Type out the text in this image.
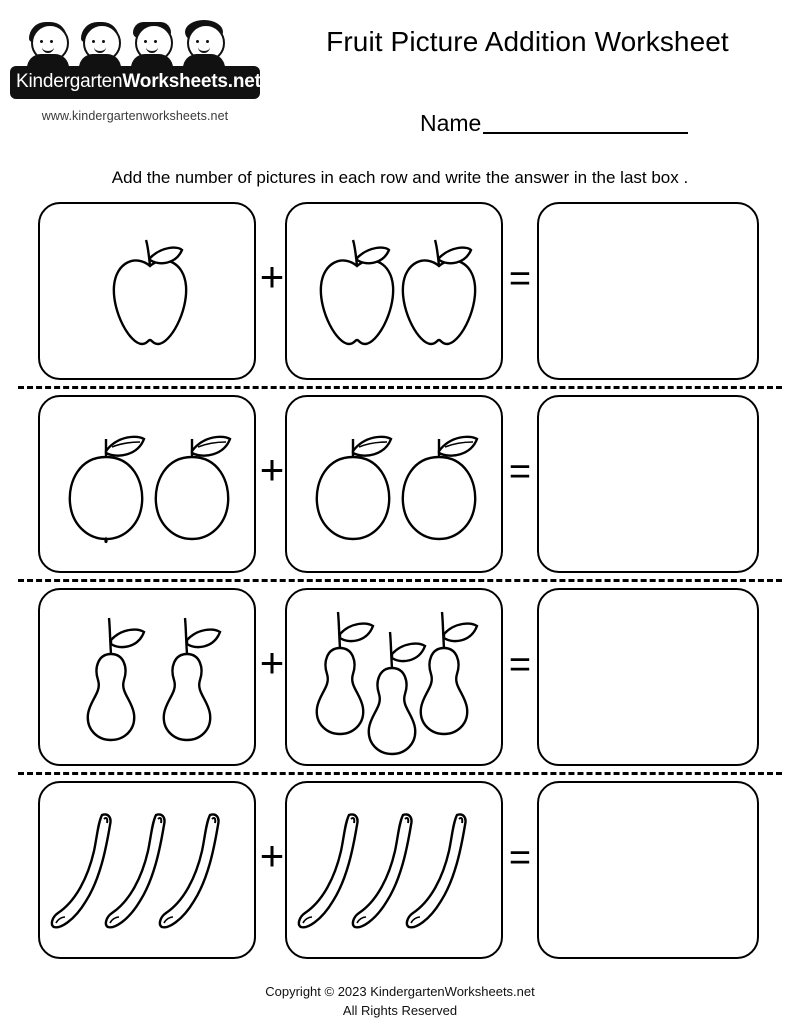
KindergartenWorksheets.net
www.kindergartenworksheets.net
Fruit Picture Addition Worksheet
Name
Add the number of pictures in each row and write the answer in the last box .
+	=
+	=
+	=
+	=
Copyright © 2023 KindergartenWorksheets.net
All Rights Reserved
